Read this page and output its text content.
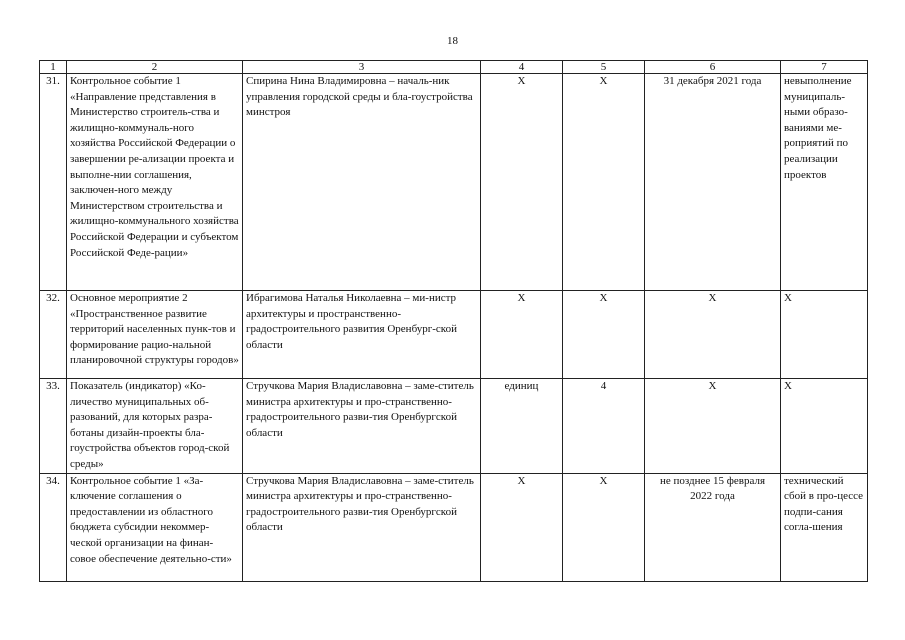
18
1	2	3	4	5	6	7
31.	Контрольное событие 1 «Направление представления в Министерство строитель-ства и жилищно-коммуналь-ного хозяйства Российской Федерации о завершении ре-ализации проекта и выполне-нии соглашения, заключен-ного между Министерством строительства и жилищно-коммунального хозяйства Российской Федерации и субъектом Российской Феде-рации»	Спирина Нина Владимировна – началь-ник управления городской среды и бла-гоустройства минстроя	X	X	31 декабря 2021 года	невыполнение муниципаль-ными образо-ваниями ме-роприятий по реализации проектов
32.	Основное мероприятие 2 «Пространственное развитие территорий населенных пунк-тов и формирование рацио-нальной планировочной структуры городов»	Ибрагимова Наталья Николаевна – ми-нистр архитектуры и пространственно-градостроительного развития Оренбург-ской области	X	X	X	X
33.	Показатель (индикатор) «Ко-личество муниципальных об-разований, для которых разра-ботаны дизайн-проекты бла-гоустройства объектов город-ской среды»	Стручкова Мария Владиславовна – заме-ститель министра архитектуры и про-странственно-градостроительного разви-тия Оренбургской области	единиц	4	X	X
34.	Контрольное событие 1 «За-ключение соглашения о предоставлении из областного бюджета субсидии некоммер-ческой организации на финан-совое обеспечение деятельно-сти»	Стручкова Мария Владиславовна – заме-ститель министра архитектуры и про-странственно-градостроительного разви-тия Оренбургской области	X	X	не позднее 15 февраля 2022 года	технический сбой в про-цессе подпи-сания согла-шения
